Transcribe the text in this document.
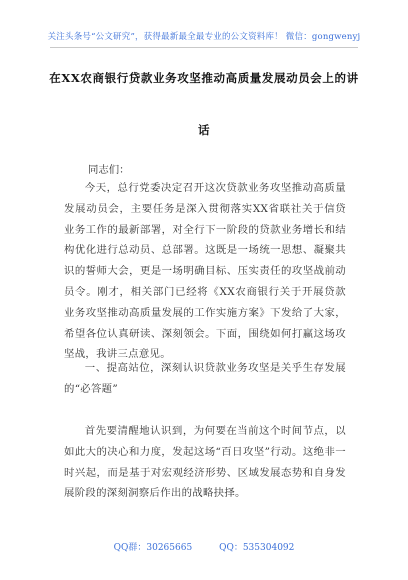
关注头条号“公文研究”，获得最新最全最专业的公文资料库！ 微信：gongwenyj
在XX农商银行贷款业务攻坚推动高质量发展动员会上的讲
话
同志们：
今天，总行党委决定召开这次贷款业务攻坚推动高质量发展动员会，主要任务是深入贯彻落实XX省联社关于信贷业务工作的最新部署，对全行下一阶段的贷款业务增长和结构优化进行总动员、总部署。这既是一场统一思想、凝聚共识的誓师大会，更是一场明确目标、压实责任的攻坚战前动员令。刚才，相关部门已经将《XX农商银行关于开展贷款业务攻坚推动高质量发展的工作实施方案》下发给了大家，希望各位认真研读、深刻领会。下面，围绕如何打赢这场攻坚战，我讲三点意见。
一、提高站位，深刻认识贷款业务攻坚是关乎生存发展的“必答题”
首先要清醒地认识到，为何要在当前这个时间节点，以如此大的决心和力度，发起这场“百日攻坚”行动。这绝非一时兴起，而是基于对宏观经济形势、区域发展态势和自身发展阶段的深刻洞察后作出的战略抉择。
QQ群：30265665	QQ：535304092
